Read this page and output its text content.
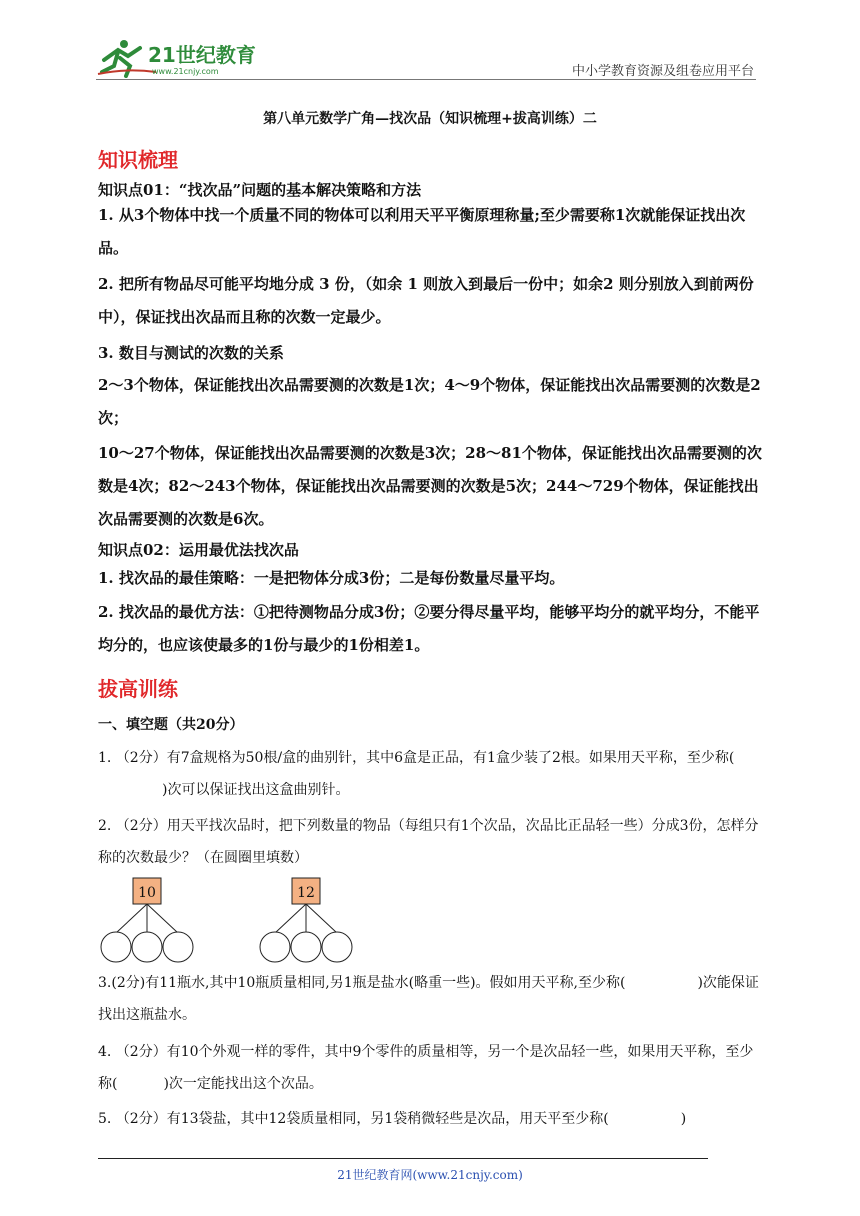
21世纪教育
www.21cnjy.com	中小学教育资源及组卷应用平台
第八单元数学广角—找次品（知识梳理+拔高训练）二
知识梳理
知识点01：“找次品”问题的基本解决策略和方法
1. 从3个物体中找一个质量不同的物体可以利用天平平衡原理称量;至少需要称1次就能保证找出次品。
2. 把所有物品尽可能平均地分成 3 份，（如余 1 则放入到最后一份中；如余2 则分别放入到前两份中），保证找出次品而且称的次数一定最少。
3. 数目与测试的次数的关系
2～3个物体，保证能找出次品需要测的次数是1次；4～9个物体，保证能找出次品需要测的次数是2次；
10～27个物体，保证能找出次品需要测的次数是3次；28～81个物体，保证能找出次品需要测的次数是4次；82～243个物体，保证能找出次品需要测的次数是5次；244～729个物体，保证能找出次品需要测的次数是6次。
知识点02：运用最优法找次品
1. 找次品的最佳策略：一是把物体分成3份；二是每份数量尽量平均。
2. 找次品的最优方法：①把待测物品分成3份；②要分得尽量平均，能够平均分的就平均分，不能平均分的，也应该使最多的1份与最少的1份相差1。
拔高训练
一、填空题（共20分）
1. （2分）有7盒规格为50根/盒的曲别针，其中6盒是正品，有1盒少装了2根。如果用天平称，至少称()次可以保证找出这盒曲别针。
2. （2分）用天平找次品时，把下列数量的物品（每组只有1个次品，次品比正品轻一些）分成3份，怎样分称的次数最少？（在圆圈里填数）
10	12
3.(2分)有11瓶水,其中10瓶质量相同,另1瓶是盐水(略重一些)。假如用天平称,至少称(	)次能保证找出这瓶盐水。
4. （2分）有10个外观一样的零件，其中9个零件的质量相等，另一个是次品轻一些，如果用天平称，至少称(	)次一定能找出这个次品。
5. （2分）有13袋盐，其中12袋质量相同，另1袋稍微轻些是次品，用天平至少称(	)
21世纪教育网(www.21cnjy.com)
